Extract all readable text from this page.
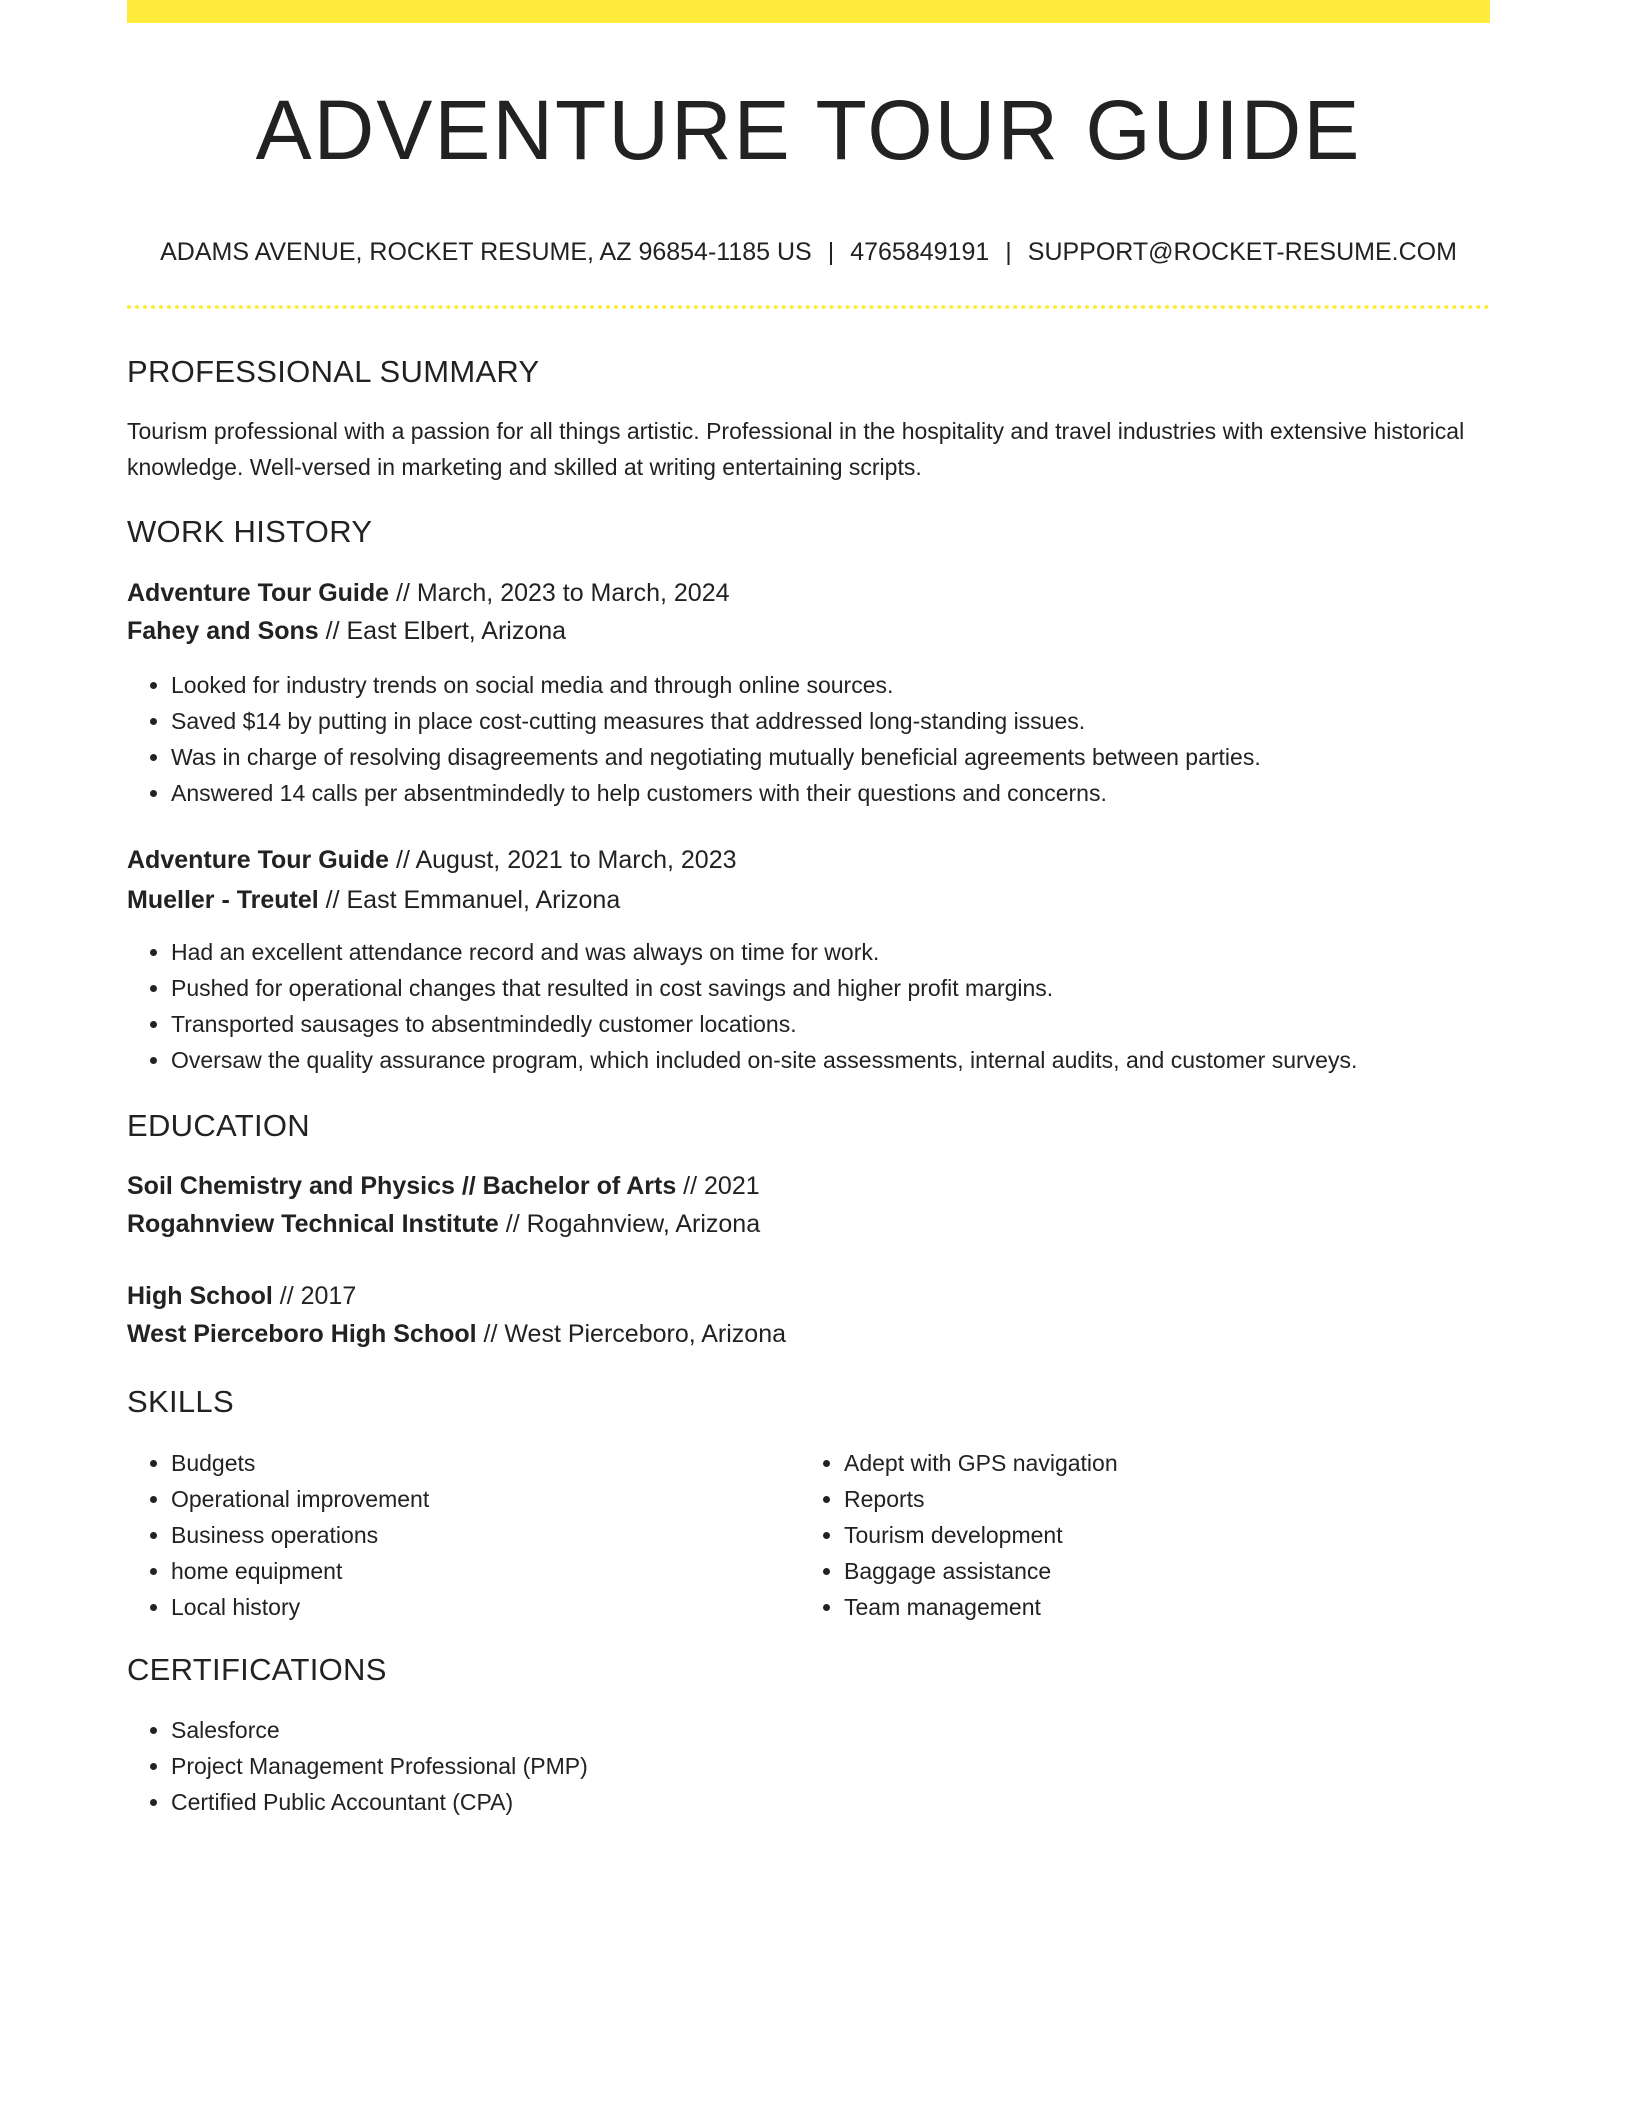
ADVENTURE TOUR GUIDE
ADAMS AVENUE, ROCKET RESUME, AZ 96854-1185 US | 4765849191 | SUPPORT@ROCKET-RESUME.COM
PROFESSIONAL SUMMARY

Tourism professional with a passion for all things artistic. Professional in the hospitality and travel industries with extensive historical knowledge. Well-versed in marketing and skilled at writing entertaining scripts.

WORK HISTORY
Adventure Tour Guide // March, 2023 to March, 2024
Fahey and Sons // East Elbert, Arizona
• Looked for industry trends on social media and through online sources.
• Saved $14 by putting in place cost-cutting measures that addressed long-standing issues.
• Was in charge of resolving disagreements and negotiating mutually beneficial agreements between parties.
• Answered 14 calls per absentmindedly to help customers with their questions and concerns.
Adventure Tour Guide // August, 2021 to March, 2023
Mueller - Treutel // East Emmanuel, Arizona
• Had an excellent attendance record and was always on time for work.
• Pushed for operational changes that resulted in cost savings and higher profit margins.
• Transported sausages to absentmindedly customer locations.
• Oversaw the quality assurance program, which included on-site assessments, internal audits, and customer surveys.
EDUCATION
Soil Chemistry and Physics // Bachelor of Arts // 2021
Rogahnview Technical Institute // Rogahnview, Arizona
High School // 2017
West Pierceboro High School // West Pierceboro, Arizona
SKILLS
• Budgets
• Operational improvement
• Business operations
• home equipment
• Local history
• Adept with GPS navigation
• Reports
• Tourism development
• Baggage assistance
• Team management
CERTIFICATIONS
• Salesforce
• Project Management Professional (PMP)
• Certified Public Accountant (CPA)
